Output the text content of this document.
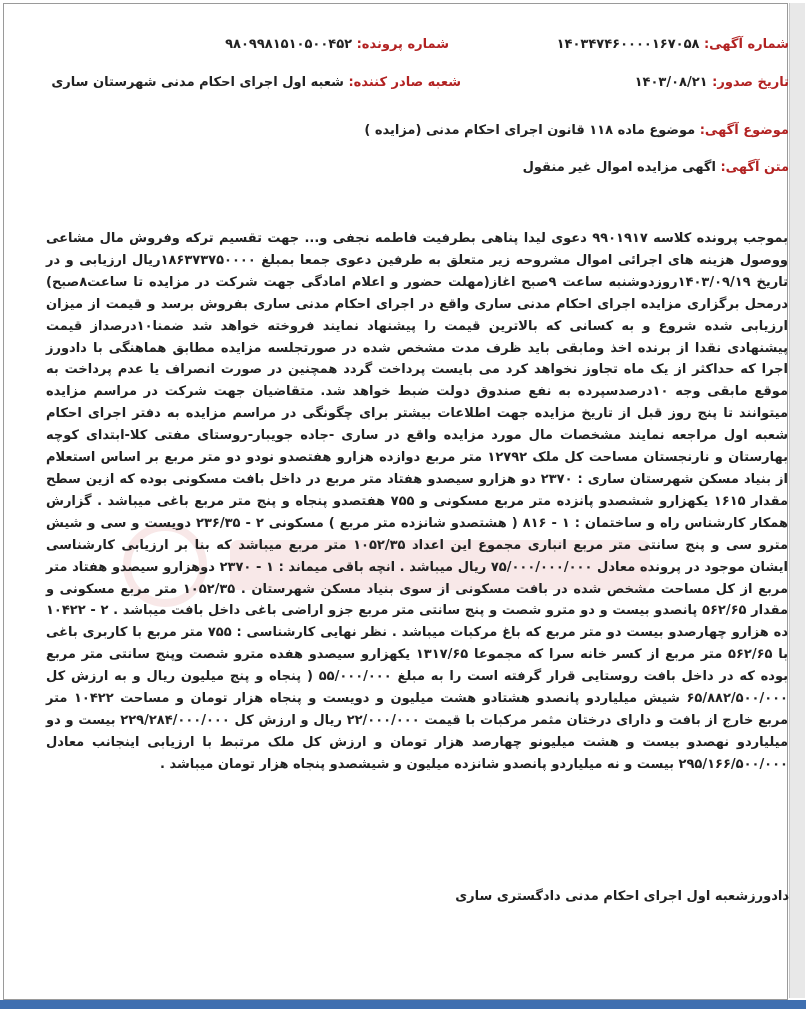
شماره آگهی: ۱۴۰۳۴۷۴۶۰۰۰۰۱۶۷۰۵۸
شماره پرونده: ۹۸۰۹۹۸۱۵۱۰۵۰۰۴۵۲
تاریخ صدور: ۱۴۰۳/۰۸/۲۱
شعبه صادر کننده: شعبه اول اجرای احکام مدنی شهرستان ساری
موضوع آگهی: موضوع ماده ۱۱۸ قانون اجرای احکام مدنی (مزایده )
متن آگهی: اگهی مزایده اموال غیر منقول
بموجب پرونده کلاسه ۹۹۰۱۹۱۷ دعوی لیدا پناهی بطرفیت فاطمه نجفی و... جهت تقسیم ترکه وفروش مال مشاعی ووصول هزینه های اجرائی اموال مشروحه زیر متعلق به طرفین دعوی جمعا بمبلغ ۱۸۶۳۷۳۷۵۰۰۰۰ریال ارزیابی و در تاریخ ۱۴۰۳/۰۹/۱۹روزدوشنبه ساعت ۹صبح اغاز(مهلت حضور و اعلام امادگی جهت شرکت در مزایده تا ساعت۸صبح) درمحل برگزاری مزایده اجرای احکام مدنی ساری واقع در اجرای احکام مدنی ساری بفروش برسد و قیمت از میزان ارزیابی شده شروع و به کسانی که بالاترین قیمت را پیشنهاد نمایند فروخته خواهد شد ضمنا۱۰درصداز قیمت پیشنهادی نقدا از برنده اخذ ومابقی باید ظرف مدت مشخص شده در صورتجلسه مزایده مطابق هماهنگی با دادورز اجرا که حداکثر از یک ماه تجاوز نخواهد کرد می بایست پرداخت گردد همچنین در صورت انصراف یا عدم پرداخت به موقع مابقی وجه ۱۰درصدسپرده به نفع صندوق دولت ضبط خواهد شد. متقاضیان جهت شرکت در مراسم مزایده میتوانند تا پنج روز قبل از تاریخ مزایده جهت اطلاعات بیشتر برای چگونگی در مراسم مزایده به دفتر اجرای احکام شعبه اول مراجعه نمایند مشخصات مال مورد مزایده واقع در ساری -جاده جویبار-روستای مفتی کلا-ابتدای کوچه بهارستان و نارنجستان مساحت کل ملک ۱۲۷۹۲ متر مربع دوازده هزارو هفتصدو نودو دو متر مربع بر اساس استعلام از بنیاد مسکن شهرستان ساری : ۲۳۷۰ دو هزارو سیصدو هفتاد متر مربع در داخل بافت مسکونی بوده که ازین سطح مقدار ۱۶۱۵ یکهزارو ششصدو پانزده متر مربع مسکونی و ۷۵۵ هفتصدو پنجاه و پنج متر مربع باغی میباشد . گزارش همکار کارشناس راه و ساختمان : ۱ - ۸۱۶ ( هشتصدو شانزده متر مربع ) مسکونی ۲ - ۲۳۶/۳۵ دویست و سی و شیش مترو سی و پنج سانتی متر مربع انباری مجموع این اعداد ۱۰۵۲/۳۵ متر مربع میباشد که بنا بر ارزیابی کارشناسی ایشان موجود در پرونده معادل ۷۵/۰۰۰/۰۰۰/۰۰۰ ریال میباشد . انچه باقی میماند : ۱ - ۲۳۷۰ دوهزارو سیصدو هفتاد متر مربع از کل مساحت مشخص شده در بافت مسکونی از سوی بنیاد مسکن شهرستان . ۱۰۵۲/۳۵ متر مربع مسکونی و مقدار ۵۶۲/۶۵ پانصدو بیست و دو مترو شصت و پنج سانتی متر مربع جزو اراضی باغی داخل بافت میباشد . ۲ - ۱۰۴۲۲ ده هزارو چهارصدو بیست دو متر مربع که باغ مرکبات میباشد . نظر نهایی کارشناسی : ۷۵۵ متر مربع با کاربری باغی با ۵۶۲/۶۵ متر مربع از کسر خانه سرا که مجموعا ۱۳۱۷/۶۵ یکهزارو سیصدو هفده مترو شصت وپنج سانتی متر مربع بوده که در داخل بافت روستایی قرار گرفته است را به مبلغ ۵۵/۰۰۰/۰۰۰ ( پنجاه و پنج میلیون ریال و به ارزش کل ۶۵/۸۸۲/۵۰۰/۰۰۰ شیش میلیاردو پانصدو هشتادو هشت میلیون و دویست و پنجاه هزار تومان و مساحت ۱۰۴۲۲ متر مربع خارج از بافت و دارای درختان مثمر مرکبات با قیمت ۲۲/۰۰۰/۰۰۰ ریال و ارزش کل ۲۲۹/۲۸۴/۰۰۰/۰۰۰ بیست و دو میلیاردو نهصدو بیست و هشت میلیونو چهارصد هزار تومان و ارزش کل ملک مرتبط با ارزیابی اینجانب معادل ۲۹۵/۱۶۶/۵۰۰/۰۰۰ بیست و نه میلیاردو پانصدو شانزده میلیون و شیشصدو پنجاه هزار تومان میباشد .
دادورزشعبه اول اجرای احکام مدنی دادگستری ساری
